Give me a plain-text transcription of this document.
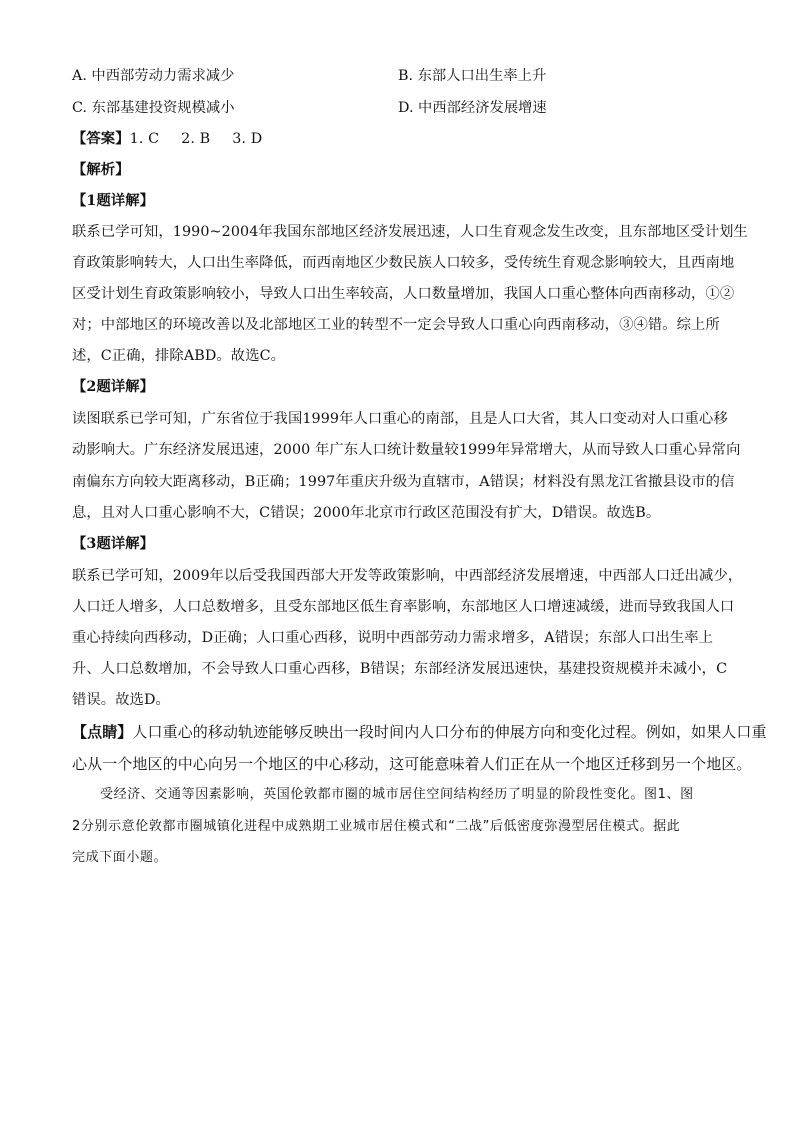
A. 中西部劳动力需求减少	B. 东部人口出生率上升
C. 东部基建投资规模减小	D. 中西部经济发展增速
【答案】1. C 2. B 3. D
【解析】
【1题详解】
联系已学可知，1990~2004年我国东部地区经济发展迅速，人口生育观念发生改变，且东部地区受计划生
育政策影响转大，人口出生率降低，而西南地区少数民族人口较多，受传统生育观念影响较大，且西南地
区受计划生育政策影响较小，导致人口出生率较高，人口数量增加，我国人口重心整体向西南移动，①②
对；中部地区的环境改善以及北部地区工业的转型不一定会导致人口重心向西南移动，③④错。综上所
述，C正确，排除ABD。故选C。
【2题详解】
读图联系已学可知，广东省位于我国1999年人口重心的南部，且是人口大省，其人口变动对人口重心移
动影响大。广东经济发展迅速，2000 年广东人口统计数量较1999年异常增大，从而导致人口重心异常向
南偏东方向较大距离移动，B正确；1997年重庆升级为直辖市，A错误；材料没有黑龙江省撤县设市的信
息，且对人口重心影响不大，C错误；2000年北京市行政区范围没有扩大，D错误。故选B。
【3题详解】
联系已学可知，2009年以后受我国西部大开发等政策影响，中西部经济发展增速，中西部人口迁出减少，
人口迁人增多，人口总数增多，且受东部地区低生育率影响，东部地区人口增速减缓，进而导致我国人口
重心持续向西移动，D正确；人口重心西移，说明中西部劳动力需求增多，A错误；东部人口出生率上
升、人口总数增加，不会导致人口重心西移，B错误；东部经济发展迅速快，基建投资规模并未减小，C
错误。故选D。
【点睛】人口重心的移动轨迹能够反映出一段时间内人口分布的伸展方向和变化过程。例如，如果人口重
心从一个地区的中心向另一个地区的中心移动，这可能意味着人们正在从一个地区迁移到另一个地区。
受经济、交通等因素影响，英国伦敦都市圈的城市居住空间结构经历了明显的阶段性变化。图1、图
2分别示意伦敦都市圈城镇化进程中成熟期工业城市居住模式和“二战”后低密度弥漫型居住模式。据此
完成下面小题。
